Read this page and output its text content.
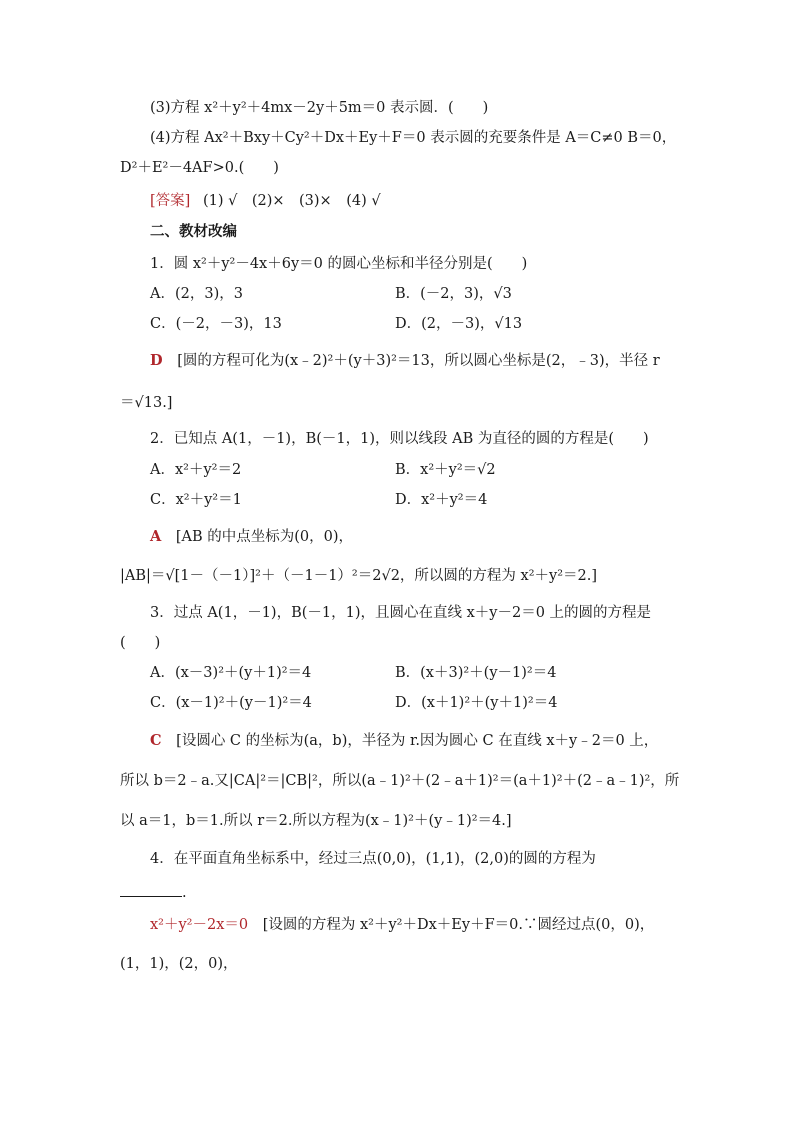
(3)方程 x²＋y²＋4mx－2y＋5m＝0 表示圆．(　　)
(4)方程 Ax²＋Bxy＋Cy²＋Dx＋Ey＋F＝0 表示圆的充要条件是 A＝C≠0 B＝0，
D²＋E²－4AF>0.(　　)
[答案] (1) √　(2)×　(3)×　(4) √
二、教材改编
1．圆 x²＋y²－4x＋6y＝0 的圆心坐标和半径分别是(　　)
A．(2，3)，3	B．(－2，3)，√3
C．(－2，－3)，13	D．(2，－3)，√13
D [圆的方程可化为(x﹣2)²＋(y＋3)²＝13，所以圆心坐标是(2，﹣3)，半径 r
＝√13.]
2．已知点 A(1，－1)，B(－1，1)，则以线段 AB 为直径的圆的方程是(　　)
A．x²＋y²＝2	B．x²＋y²＝√2
C．x²＋y²＝1	D．x²＋y²＝4
A [AB 的中点坐标为(0，0)，
|AB|＝√[1－（－1）]²＋（－1－1）²＝2√2，所以圆的方程为 x²＋y²＝2.]
3．过点 A(1，－1)，B(－1，1)，且圆心在直线 x＋y－2＝0 上的圆的方程是
(　　)
A．(x－3)²＋(y＋1)²＝4	B．(x＋3)²＋(y－1)²＝4
C．(x－1)²＋(y－1)²＝4	D．(x＋1)²＋(y＋1)²＝4
C [设圆心 C 的坐标为(a，b)，半径为 r.因为圆心 C 在直线 x＋y﹣2＝0 上，
所以 b＝2﹣a.又|CA|²＝|CB|²，所以(a﹣1)²＋(2﹣a＋1)²＝(a＋1)²＋(2﹣a﹣1)²，所
以 a＝1，b＝1.所以 r＝2.所以方程为(x﹣1)²＋(y﹣1)²＝4.]
4．在平面直角坐标系中，经过三点(0,0)，(1,1)，(2,0)的圆的方程为
.
x²＋y²－2x＝0 [设圆的方程为 x²＋y²＋Dx＋Ey＋F＝0.∵圆经过点(0，0)，
(1，1)，(2，0)，
